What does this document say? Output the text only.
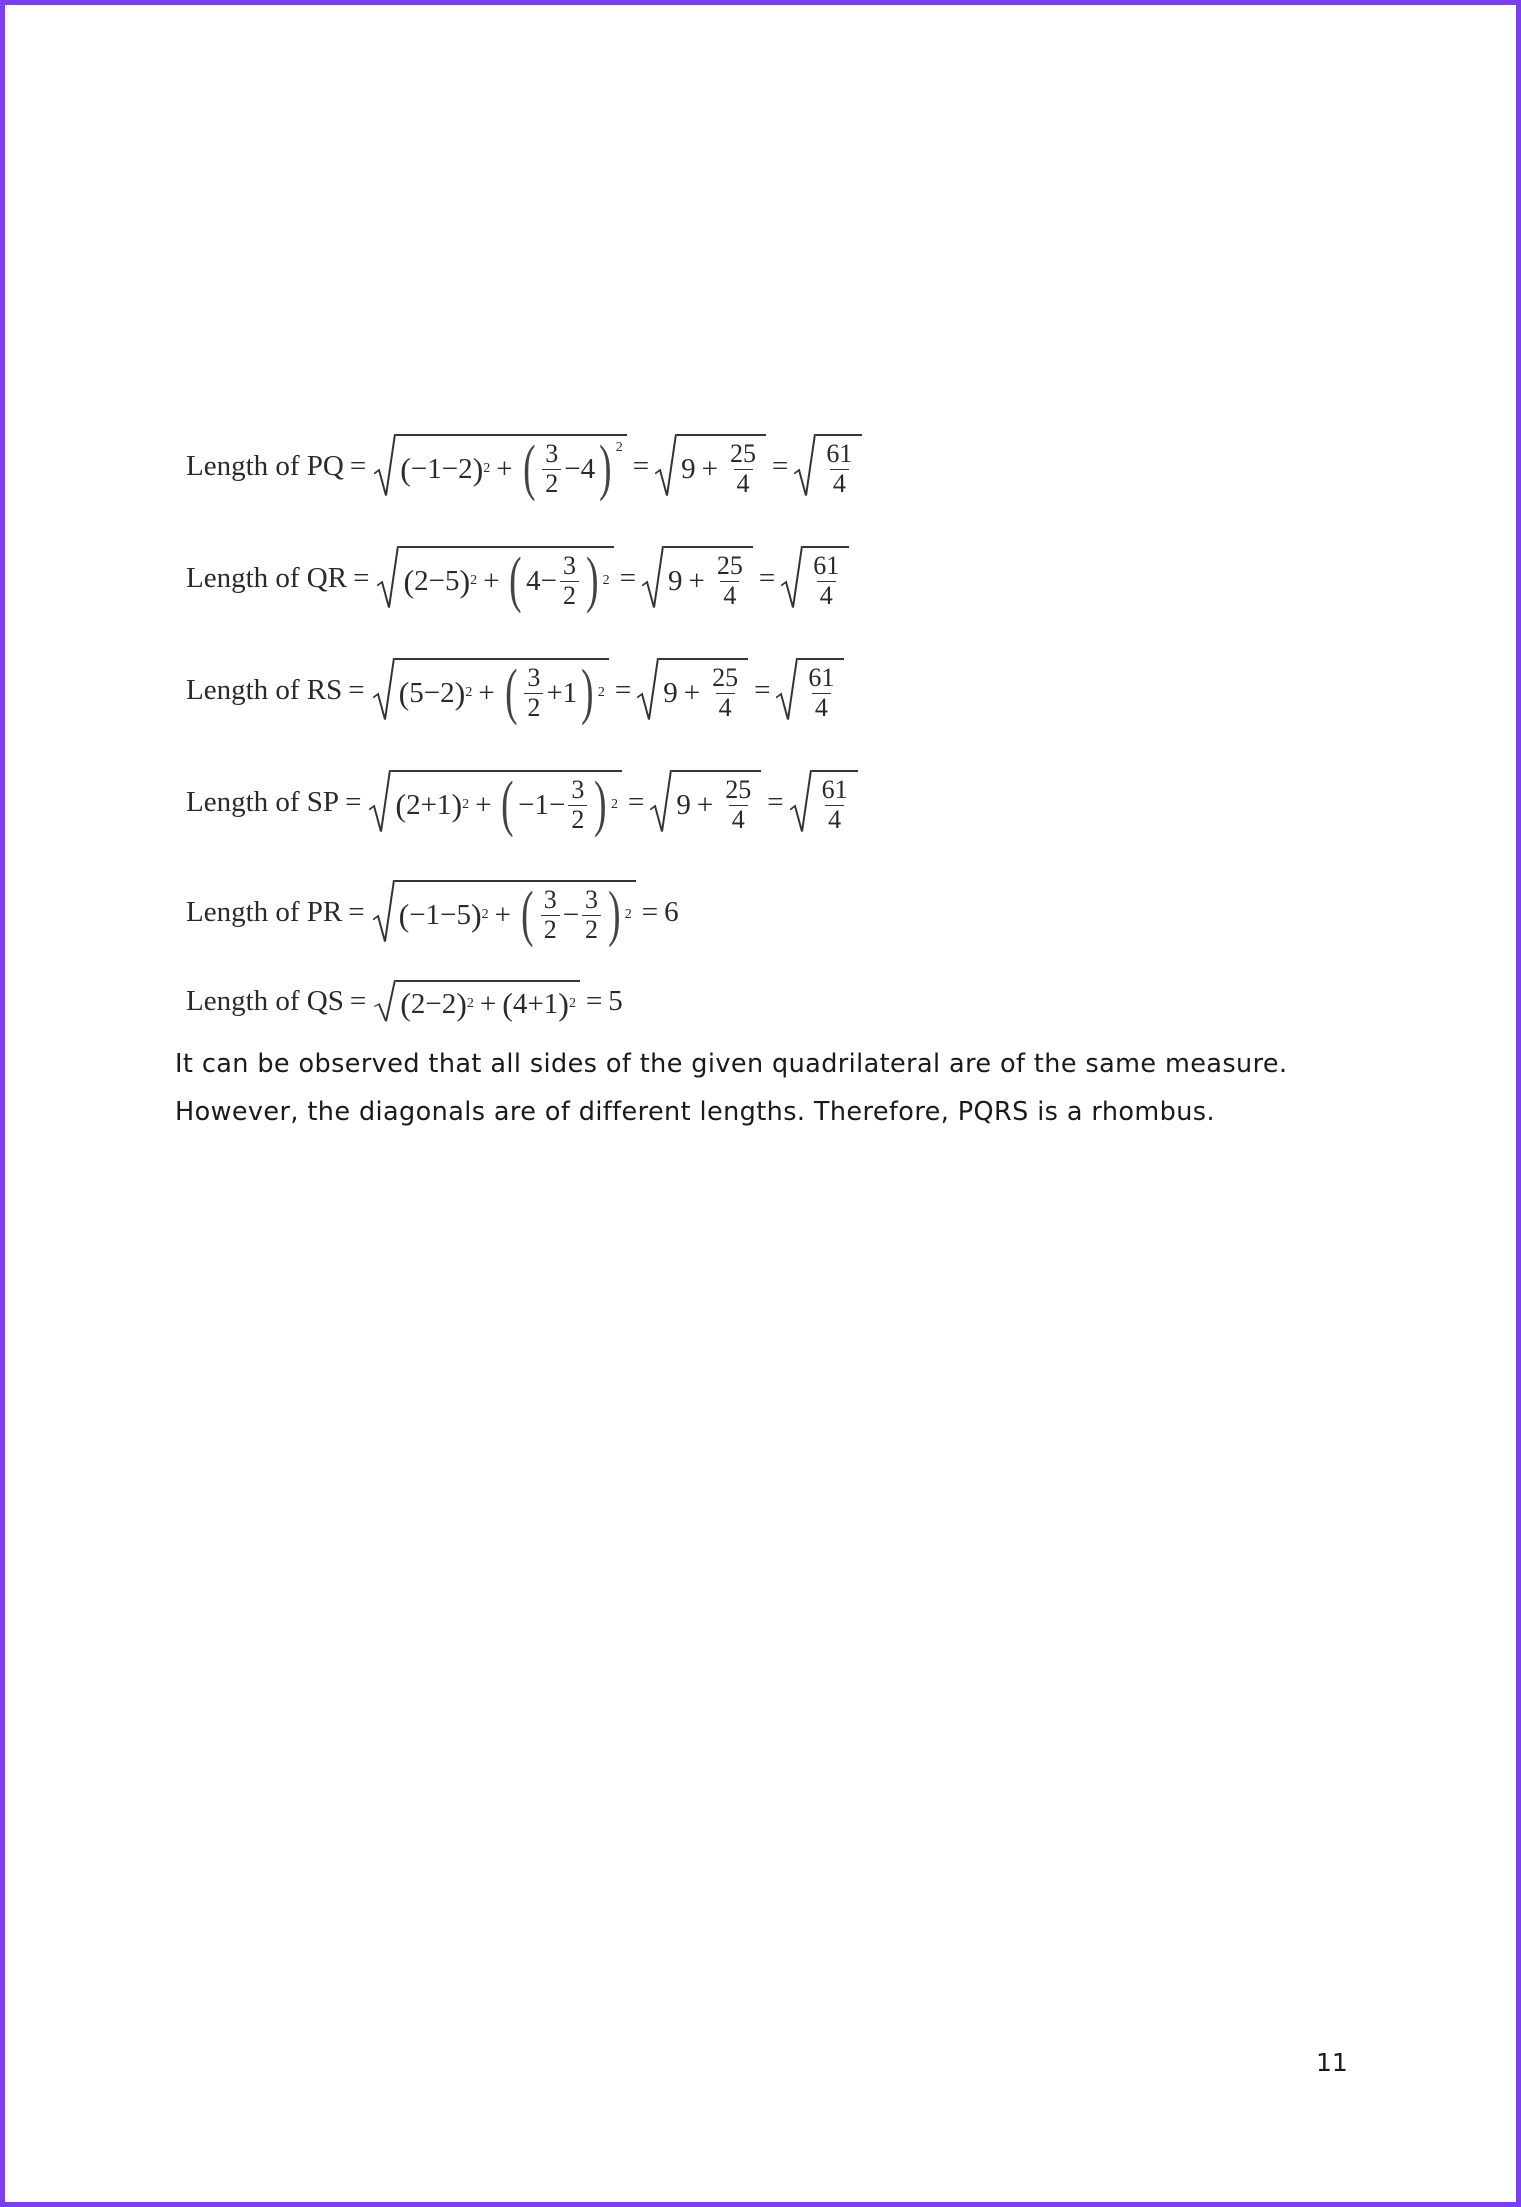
Length of PQ = ( −1−2 ) 2 + ( $\frac{3}{2} -4$ ) $^2$
= $9 + \frac{25}{4} = \frac{61}{4}$
Length of QR = ( 2−5 ) 2 + ( $4- \frac{3}{2}$ ) $2 = 9 + \frac{25}{4} = \frac{61}{4}$
Length of RS = ( 5−2 ) 2 + ( $\frac{3}{2} +1$ ) $2 = 9 + \frac{25}{4} = \frac{61}{4}$
Length of SP = ( 2+1 ) 2 + ( $-1- \frac{3}{2}$ ) $2 = 9 + \frac{25}{4} = \frac{61}{4}$
Length of PR = ( −1−5 ) 2 + ( $\frac{3}{2} - \frac{3}{2}$ ) 2 = 6
Length of QS = ( 2−2 ) 2 + ( 4+1 ) 2 = 5

It can be observed that all sides of the given quadrilateral are of the same measure.

However, the diagonals are of different lengths. Therefore, PQRS is a rhombus.

11
